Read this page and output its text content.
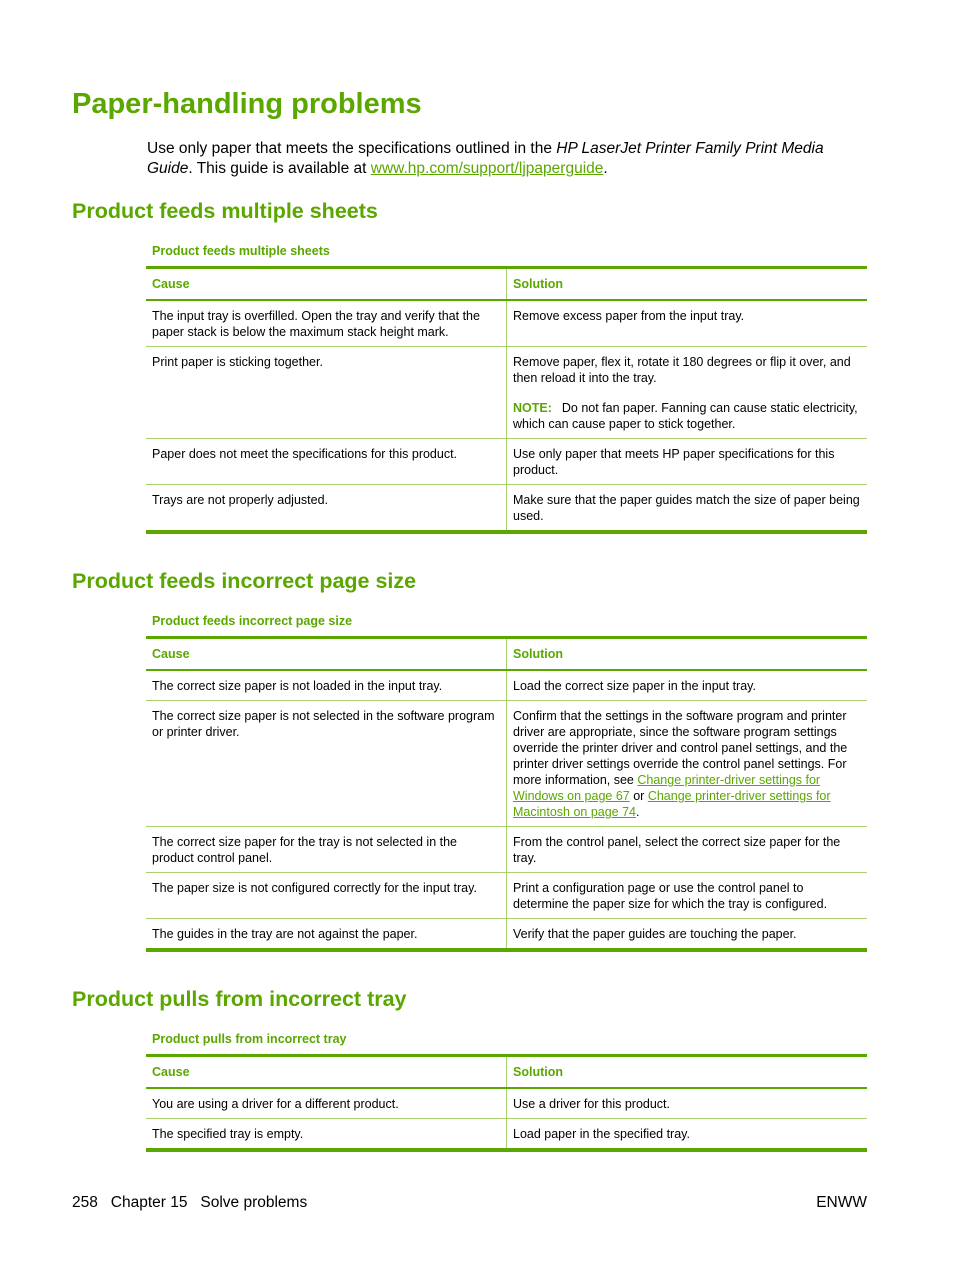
Paper-handling problems

Use only paper that meets the specifications outlined in the HP LaserJet Printer Family Print Media Guide. This guide is available at www.hp.com/support/ljpaperguide.

Product feeds multiple sheets

Product feeds multiple sheets

Cause	Solution
The input tray is overfilled. Open the tray and verify that the paper stack is below the maximum stack height mark.	Remove excess paper from the input tray.
Print paper is sticking together.	Remove paper, flex it, rotate it 180 degrees or flip it over, and then reload it into the tray.
NOTE: Do not fan paper. Fanning can cause static electricity, which can cause paper to stick together.

Paper does not meet the specifications for this product.	Use only paper that meets HP paper specifications for this product.
Trays are not properly adjusted.	Make sure that the paper guides match the size of paper being used.
Product feeds incorrect page size

Product feeds incorrect page size

Cause	Solution
The correct size paper is not loaded in the input tray.	Load the correct size paper in the input tray.
The correct size paper is not selected in the software program or printer driver.	Confirm that the settings in the software program and printer driver are appropriate, since the software program settings override the printer driver and control panel settings, and the printer driver settings override the control panel settings. For more information, see Change printer-driver settings for Windows on page 67 or Change printer-driver settings for Macintosh on page 74.
The correct size paper for the tray is not selected in the product control panel.	From the control panel, select the correct size paper for the tray.
The paper size is not configured correctly for the input tray.	Print a configuration page or use the control panel to determine the paper size for which the tray is configured.
The guides in the tray are not against the paper.	Verify that the paper guides are touching the paper.
Product pulls from incorrect tray

Product pulls from incorrect tray

Cause	Solution
You are using a driver for a different product.	Use a driver for this product.
The specified tray is empty.	Load paper in the specified tray.
258   Chapter 15   Solve problems	ENWW
